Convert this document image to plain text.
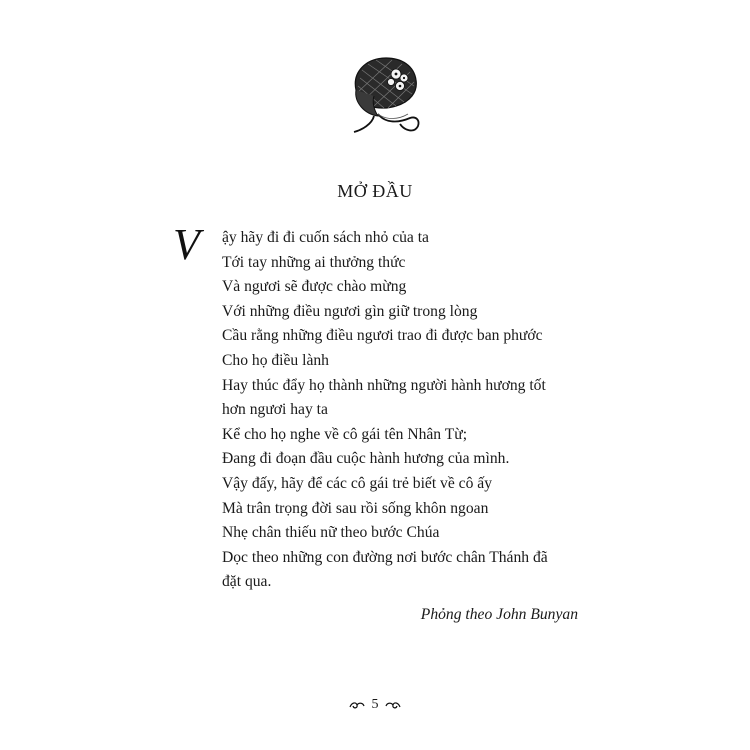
MỞ ĐẦU
V ậy hãy đi đi cuốn sách nhỏ của ta
Tới tay những ai thưởng thức
Và ngươi sẽ được chào mừng
Với những điều ngươi gìn giữ trong lòng
Cầu rằng những điều ngươi trao đi được ban phước
Cho họ điều lành
Hay thúc đẩy họ thành những người hành hương tốt
hơn ngươi hay ta
Kể cho họ nghe về cô gái tên Nhân Từ;
Đang đi đoạn đầu cuộc hành hương của mình.
Vậy đấy, hãy để các cô gái trẻ biết về cô ấy
Mà trân trọng đời sau rồi sống khôn ngoan
Nhẹ chân thiếu nữ theo bước Chúa
Dọc theo những con đường nơi bước chân Thánh đã
đặt qua.
Phỏng theo John Bunyan
5
